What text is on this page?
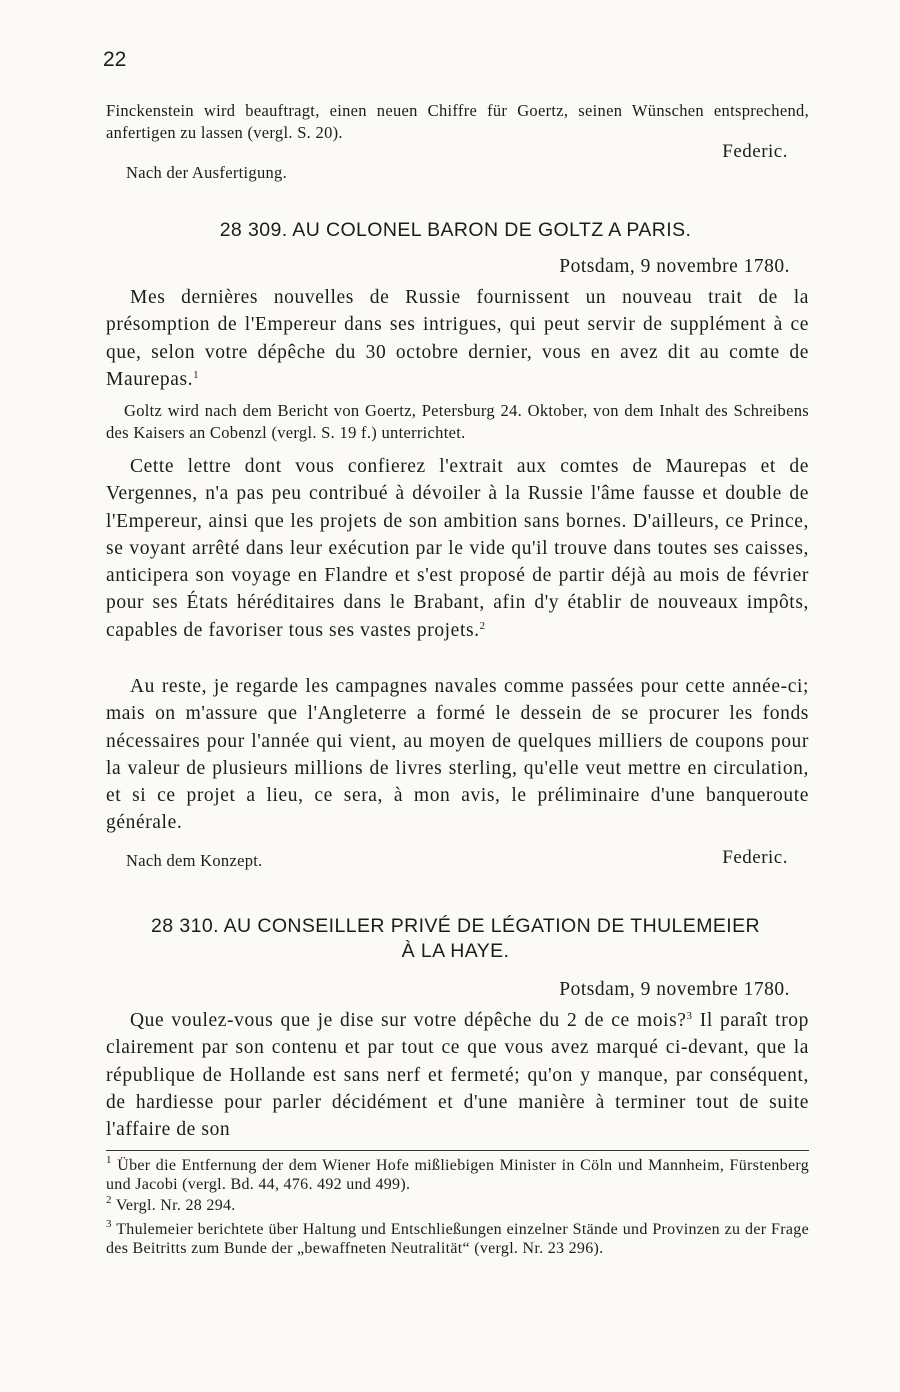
22
Finckenstein wird beauftragt, einen neuen Chiffre für Goertz, seinen Wünschen entsprechend, anfertigen zu lassen (vergl. S. 20).
Federic.
Nach der Ausfertigung.
28 309. AU COLONEL BARON DE GOLTZ A PARIS.
Potsdam, 9 novembre 1780.

Mes dernières nouvelles de Russie fournissent un nouveau trait de la présomption de l'Empereur dans ses intrigues, qui peut servir de supplément à ce que, selon votre dépêche du 30 octobre dernier, vous en avez dit au comte de Maurepas.$^1$

Goltz wird nach dem Bericht von Goertz, Petersburg 24. Oktober, von dem Inhalt des Schreibens des Kaisers an Cobenzl (vergl. S. 19 f.) unterrichtet.

Cette lettre dont vous confierez l'extrait aux comtes de Maurepas et de Vergennes, n'a pas peu contribué à dévoiler à la Russie l'âme fausse et double de l'Empereur, ainsi que les projets de son ambition sans bornes. D'ailleurs, ce Prince, se voyant arrêté dans leur exécution par le vide qu'il trouve dans toutes ses caisses, anticipera son voyage en Flandre et s'est proposé de partir déjà au mois de février pour ses États héréditaires dans le Brabant, afin d'y établir de nouveaux impôts, capables de favoriser tous ses vastes projets.$^2$

Au reste, je regarde les campagnes navales comme passées pour cette année-ci; mais on m'assure que l'Angleterre a formé le dessein de se procurer les fonds nécessaires pour l'année qui vient, au moyen de quelques milliers de coupons pour la valeur de plusieurs millions de livres sterling, qu'elle veut mettre en circulation, et si ce projet a lieu, ce sera, à mon avis, le préliminaire d'une banqueroute générale.

Nach dem Konzept.	Federic.
28 310. AU CONSEILLER PRIVÉ DE LÉGATION DE THULEMEIER
À LA HAYE.
Potsdam, 9 novembre 1780.

Que voulez-vous que je dise sur votre dépêche du 2 de ce mois?$^3$ Il paraît trop clairement par son contenu et par tout ce que vous avez marqué ci-devant, que la république de Hollande est sans nerf et fermeté; qu'on y manque, par conséquent, de hardiesse pour parler décidément et d'une manière à terminer tout de suite l'affaire de son

$^1$ Über die Entfernung der dem Wiener Hofe mißliebigen Minister in Cöln und Mannheim, Fürstenberg und Jacobi (vergl. Bd. 44, 476. 492 und 499).
$^2$ Vergl. Nr. 28 294.
$^3$ Thulemeier berichtete über Haltung und Entschließungen einzelner Stände und Provinzen zu der Frage des Beitritts zum Bunde der „bewaffneten Neutralität“ (vergl. Nr. 23 296).
